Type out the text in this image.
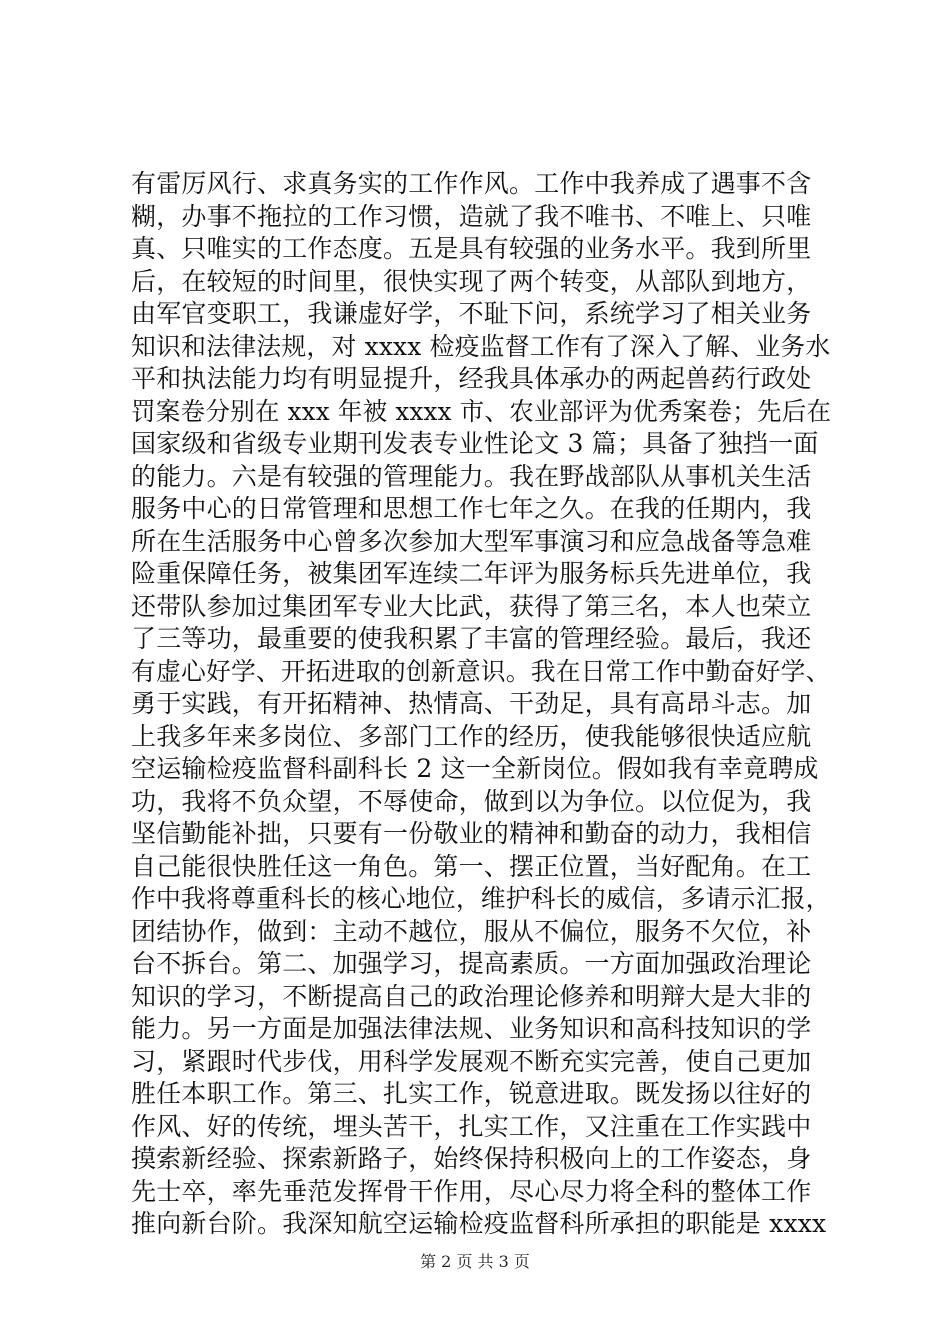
有雷厉风行、求真务实的工作作风。工作中我养成了遇事不含
糊，办事不拖拉的工作习惯，造就了我不唯书、不唯上、只唯
真、只唯实的工作态度。五是具有较强的业务水平。我到所里
后，在较短的时间里，很快实现了两个转变，从部队到地方，
由军官变职工，我谦虚好学，不耻下问，系统学习了相关业务
知识和法律法规，对 xxxx 检疫监督工作有了深入了解、业务水
平和执法能力均有明显提升，经我具体承办的两起兽药行政处
罚案卷分别在 xxx 年被 xxxx 市、农业部评为优秀案卷；先后在
国家级和省级专业期刊发表专业性论文 3 篇；具备了独挡一面
的能力。六是有较强的管理能力。我在野战部队从事机关生活
服务中心的日常管理和思想工作七年之久。在我的任期内，我
所在生活服务中心曾多次参加大型军事演习和应急战备等急难
险重保障任务，被集团军连续二年评为服务标兵先进单位，我
还带队参加过集团军专业大比武，获得了第三名，本人也荣立
了三等功，最重要的使我积累了丰富的管理经验。最后，我还
有虚心好学、开拓进取的创新意识。我在日常工作中勤奋好学、
勇于实践，有开拓精神、热情高、干劲足，具有高昂斗志。加
上我多年来多岗位、多部门工作的经历，使我能够很快适应航
空运输检疫监督科副科长 2 这一全新岗位。假如我有幸竟聘成
功，我将不负众望，不辱使命，做到以为争位。以位促为，我
坚信勤能补拙，只要有一份敬业的精神和勤奋的动力，我相信
自己能很快胜任这一角色。第一、摆正位置，当好配角。在工
作中我将尊重科长的核心地位，维护科长的威信，多请示汇报，
团结协作，做到：主动不越位，服从不偏位，服务不欠位，补
台不拆台。第二、加强学习，提高素质。一方面加强政治理论
知识的学习，不断提高自己的政治理论修养和明辩大是大非的
能力。另一方面是加强法律法规、业务知识和高科技知识的学
习，紧跟时代步伐，用科学发展观不断充实完善，使自己更加
胜任本职工作。第三、扎实工作，锐意进取。既发扬以往好的
作风、好的传统，埋头苦干，扎实工作，又注重在工作实践中
摸索新经验、探索新路子，始终保持积极向上的工作姿态，身
先士卒，率先垂范发挥骨干作用，尽心尽力将全科的整体工作
推向新台阶。我深知航空运输检疫监督科所承担的职能是 xxxx
第 2 页 共 3 页
